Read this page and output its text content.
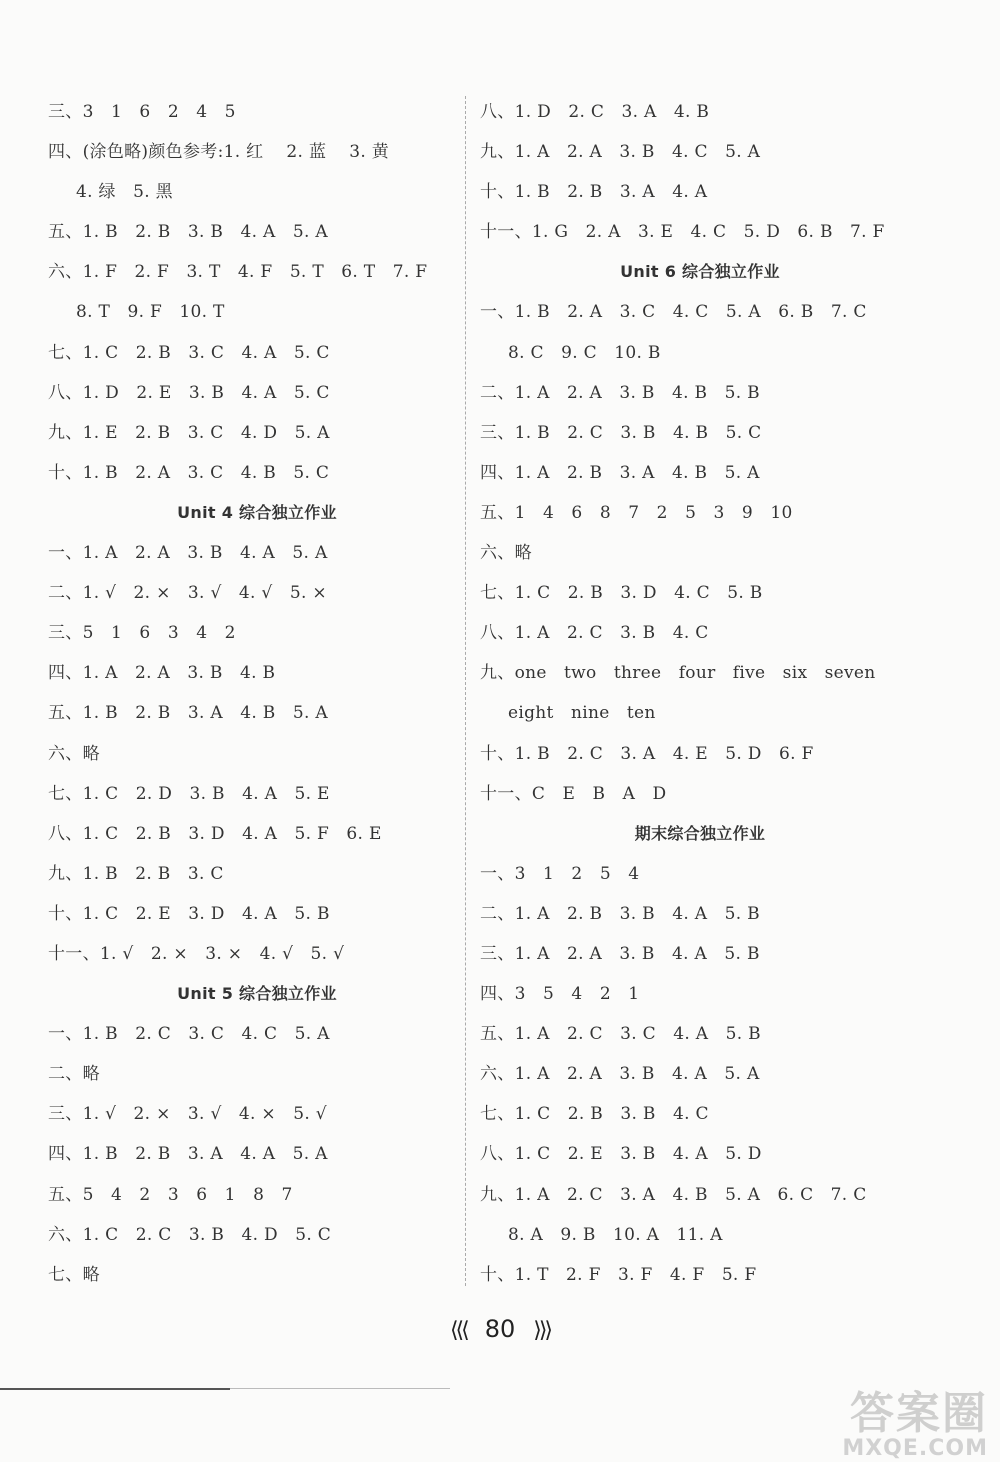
三、3　1　6　2　4　5
四、(涂色略)颜色参考:1. 红　 2. 蓝　 3. 黄
4. 绿　5. 黑
五、1. B　2. B　3. B　4. A　5. A
六、1. F　2. F　3. T　4. F　5. T　6. T　7. F
8. T　9. F　10. T
七、1. C　2. B　3. C　4. A　5. C
八、1. D　2. E　3. B　4. A　5. C
九、1. E　2. B　3. C　4. D　5. A
十、1. B　2. A　3. C　4. B　5. C
Unit 4 综合独立作业
一、1. A　2. A　3. B　4. A　5. A
二、1. √　2. ×　3. √　4. √　5. ×
三、5　1　6　3　4　2
四、1. A　2. A　3. B　4. B
五、1. B　2. B　3. A　4. B　5. A
六、略
七、1. C　2. D　3. B　4. A　5. E
八、1. C　2. B　3. D　4. A　5. F　6. E
九、1. B　2. B　3. C
十、1. C　2. E　3. D　4. A　5. B
十一、1. √　2. ×　3. ×　4. √　5. √
Unit 5 综合独立作业
一、1. B　2. C　3. C　4. C　5. A
二、略
三、1. √　2. ×　3. √　4. ×　5. √
四、1. B　2. B　3. A　4. A　5. A
五、5　4　2　3　6　1　8　7
六、1. C　2. C　3. B　4. D　5. C
七、略
八、1. D　2. C　3. A　4. B
九、1. A　2. A　3. B　4. C　5. A
十、1. B　2. B　3. A　4. A
十一、1. G　2. A　3. E　4. C　5. D　6. B　7. F
Unit 6 综合独立作业
一、1. B　2. A　3. C　4. C　5. A　6. B　7. C
8. C　9. C　10. B
二、1. A　2. A　3. B　4. B　5. B
三、1. B　2. C　3. B　4. B　5. C
四、1. A　2. B　3. A　4. B　5. A
五、1　4　6　8　7　2　5　3　9　10
六、略
七、1. C　2. B　3. D　4. C　5. B
八、1. A　2. C　3. B　4. C
九、one　two　three　four　five　six　seven
eight　nine　ten
十、1. B　2. C　3. A　4. E　5. D　6. F
十一、C　E　B　A　D
期末综合独立作业
一、3　1　2　5　4
二、1. A　2. B　3. B　4. A　5. B
三、1. A　2. A　3. B　4. A　5. B
四、3　5　4　2　1
五、1. A　2. C　3. C　4. A　5. B
六、1. A　2. A　3. B　4. A　5. A
七、1. C　2. B　3. B　4. C
八、1. C　2. E　3. B　4. A　5. D
九、1. A　2. C　3. A　4. B　5. A　6. C　7. C
8. A　9. B　10. A　11. A
十、1. T　2. F　3. F　4. F　5. F
⟨⟨⟨ 80 ⟩⟩⟩
答案圈
MXQE.COM
